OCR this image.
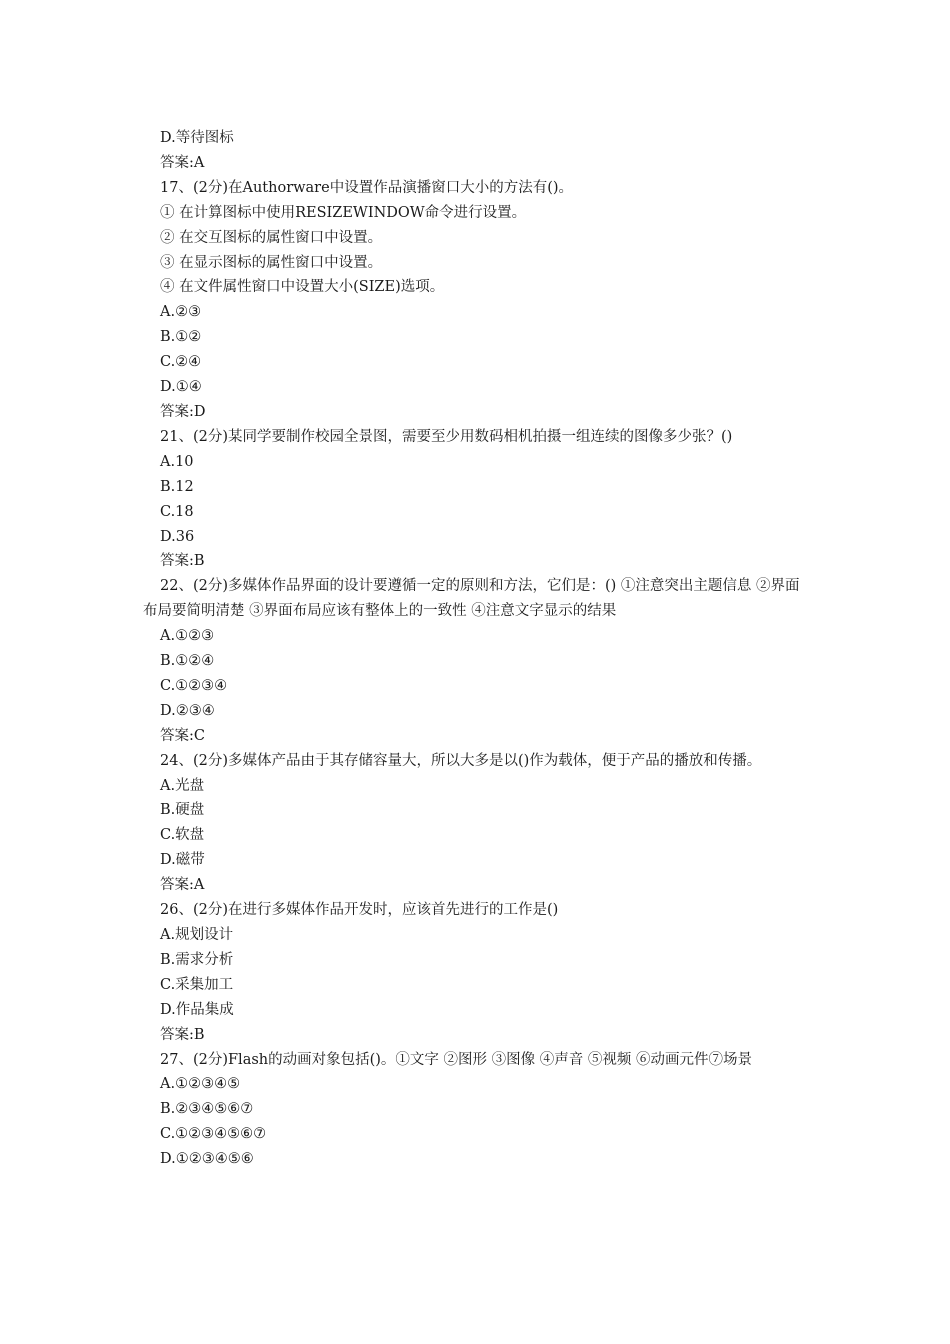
D.等待图标
答案:A
17、(2分)在Authorware中设置作品演播窗口大小的方法有()。
① 在计算图标中使用RESIZEWINDOW命令进行设置。
② 在交互图标的属性窗口中设置。
③ 在显示图标的属性窗口中设置。
④ 在文件属性窗口中设置大小(SIZE)选项。
A.②③
B.①②
C.②④
D.①④
答案:D
21、(2分)某同学要制作校园全景图，需要至少用数码相机拍摄一组连续的图像多少张？()
A.10
B.12
C.18
D.36
答案:B
22、(2分)多媒体作品界面的设计要遵循一定的原则和方法，它们是：() ①注意突出主题信息 ②界面布局要简明清楚 ③界面布局应该有整体上的一致性 ④注意文字显示的结果
A.①②③
B.①②④
C.①②③④
D.②③④
答案:C
24、(2分)多媒体产品由于其存储容量大，所以大多是以()作为载体，便于产品的播放和传播。
A.光盘
B.硬盘
C.软盘
D.磁带
答案:A
26、(2分)在进行多媒体作品开发时，应该首先进行的工作是()
A.规划设计
B.需求分析
C.采集加工
D.作品集成
答案:B
27、(2分)Flash的动画对象包括()。①文字 ②图形 ③图像 ④声音 ⑤视频 ⑥动画元件⑦场景
A.①②③④⑤
B.②③④⑤⑥⑦
C.①②③④⑤⑥⑦
D.①②③④⑤⑥
